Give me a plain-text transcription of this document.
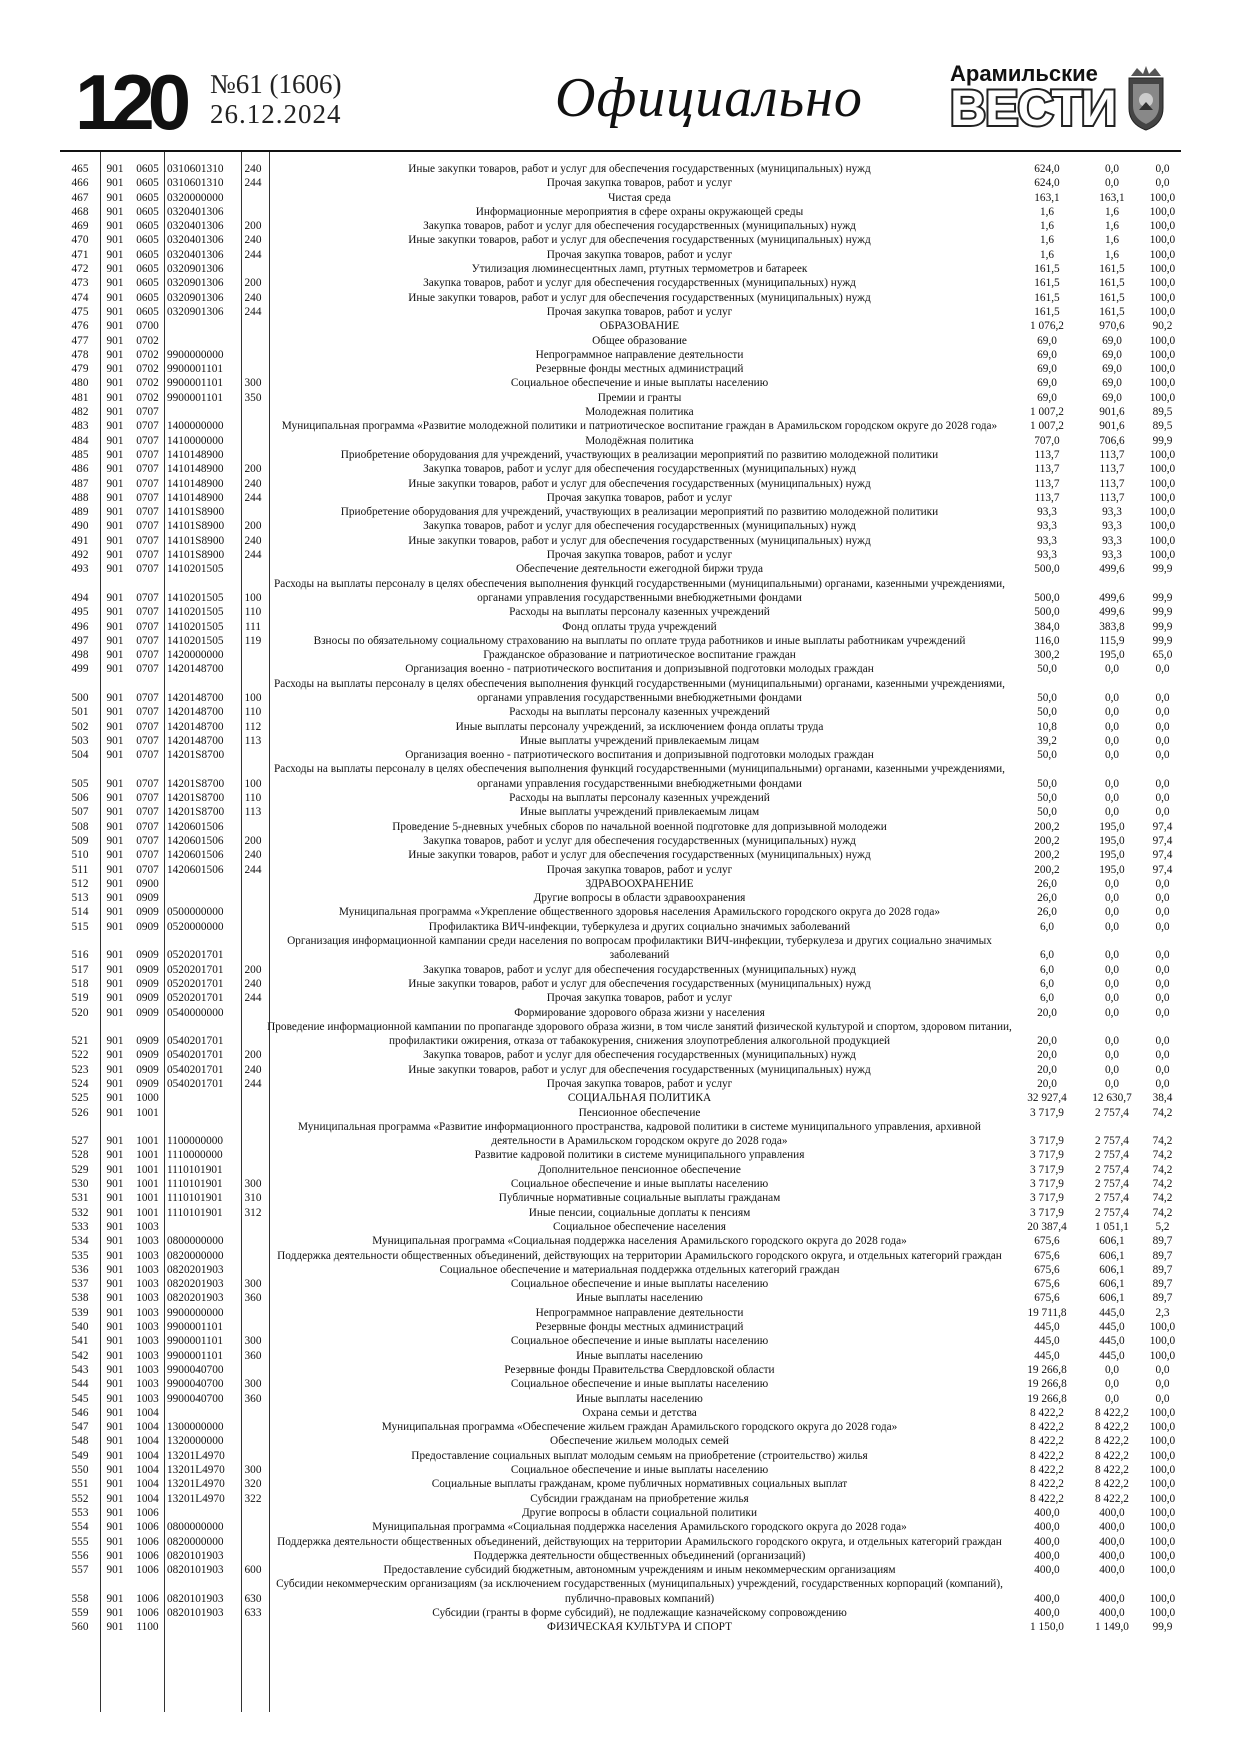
120 №61 (1606)
26.12.2024	Официально	Арамильские
ВЕСТИ
465	901	0605	0310601310	240	Иные закупки товаров, работ и услуг для обеспечения государственных (муниципальных) нужд	624,0	0,0	0,0
466	901	0605	0310601310	244	Прочая закупка товаров, работ и услуг	624,0	0,0	0,0
467	901	0605	0320000000		Чистая среда	163,1	163,1	100,0
468	901	0605	0320401306		Информационные мероприятия в сфере охраны окружающей среды	1,6	1,6	100,0
469	901	0605	0320401306	200	Закупка товаров, работ и услуг для обеспечения государственных (муниципальных) нужд	1,6	1,6	100,0
470	901	0605	0320401306	240	Иные закупки товаров, работ и услуг для обеспечения государственных (муниципальных) нужд	1,6	1,6	100,0
471	901	0605	0320401306	244	Прочая закупка товаров, работ и услуг	1,6	1,6	100,0
472	901	0605	0320901306		Утилизация люминесцентных ламп, ртутных термометров и батареек	161,5	161,5	100,0
473	901	0605	0320901306	200	Закупка товаров, работ и услуг для обеспечения государственных (муниципальных) нужд	161,5	161,5	100,0
474	901	0605	0320901306	240	Иные закупки товаров, работ и услуг для обеспечения государственных (муниципальных) нужд	161,5	161,5	100,0
475	901	0605	0320901306	244	Прочая закупка товаров, работ и услуг	161,5	161,5	100,0
476	901	0700			ОБРАЗОВАНИЕ	1 076,2	970,6	90,2
477	901	0702			Общее образование	69,0	69,0	100,0
478	901	0702	9900000000		Непрограммное направление деятельности	69,0	69,0	100,0
479	901	0702	9900001101		Резервные фонды местных администраций	69,0	69,0	100,0
480	901	0702	9900001101	300	Социальное обеспечение и иные выплаты населению	69,0	69,0	100,0
481	901	0702	9900001101	350	Премии и гранты	69,0	69,0	100,0
482	901	0707			Молодежная политика	1 007,2	901,6	89,5
483	901	0707	1400000000		Муниципальная программа «Развитие молодежной политики и патриотическое воспитание граждан в Арамильском городском округе до 2028 года»	1 007,2	901,6	89,5
484	901	0707	1410000000		Молодёжная политика	707,0	706,6	99,9
485	901	0707	1410148900		Приобретение оборудования для учреждений, участвующих в реализации мероприятий по развитию молодежной политики	113,7	113,7	100,0
486	901	0707	1410148900	200	Закупка товаров, работ и услуг для обеспечения государственных (муниципальных) нужд	113,7	113,7	100,0
487	901	0707	1410148900	240	Иные закупки товаров, работ и услуг для обеспечения государственных (муниципальных) нужд	113,7	113,7	100,0
488	901	0707	1410148900	244	Прочая закупка товаров, работ и услуг	113,7	113,7	100,0
489	901	0707	14101S8900		Приобретение оборудования для учреждений, участвующих в реализации мероприятий по развитию молодежной политики	93,3	93,3	100,0
490	901	0707	14101S8900	200	Закупка товаров, работ и услуг для обеспечения государственных (муниципальных) нужд	93,3	93,3	100,0
491	901	0707	14101S8900	240	Иные закупки товаров, работ и услуг для обеспечения государственных (муниципальных) нужд	93,3	93,3	100,0
492	901	0707	14101S8900	244	Прочая закупка товаров, работ и услуг	93,3	93,3	100,0
493	901	0707	1410201505		Обеспечение деятельности ежегодной биржи труда	500,0	499,6	99,9
494	901	0707	1410201505	100	Расходы на выплаты персоналу в целях обеспечения выполнения функций государственными (муниципальными) органами, казенными учреждениями, органами управления государственными внебюджетными фондами	500,0	499,6	99,9
495	901	0707	1410201505	110	Расходы на выплаты персоналу казенных учреждений	500,0	499,6	99,9
496	901	0707	1410201505	111	Фонд оплаты труда учреждений	384,0	383,8	99,9
497	901	0707	1410201505	119	Взносы по обязательному социальному страхованию на выплаты по оплате труда работников и иные выплаты работникам учреждений	116,0	115,9	99,9
498	901	0707	1420000000		Гражданское образование и патриотическое воспитание граждан	300,2	195,0	65,0
499	901	0707	1420148700		Организация военно - патриотического воспитания и допризывной подготовки молодых граждан	50,0	0,0	0,0
500	901	0707	1420148700	100	Расходы на выплаты персоналу в целях обеспечения выполнения функций государственными (муниципальными) органами, казенными учреждениями, органами управления государственными внебюджетными фондами	50,0	0,0	0,0
501	901	0707	1420148700	110	Расходы на выплаты персоналу казенных учреждений	50,0	0,0	0,0
502	901	0707	1420148700	112	Иные выплаты персоналу учреждений, за исключением фонда оплаты труда	10,8	0,0	0,0
503	901	0707	1420148700	113	Иные выплаты учреждений привлекаемым лицам	39,2	0,0	0,0
504	901	0707	14201S8700		Организация военно - патриотического воспитания и допризывной подготовки молодых граждан	50,0	0,0	0,0
505	901	0707	14201S8700	100	Расходы на выплаты персоналу в целях обеспечения выполнения функций государственными (муниципальными) органами, казенными учреждениями, органами управления государственными внебюджетными фондами	50,0	0,0	0,0
506	901	0707	14201S8700	110	Расходы на выплаты персоналу казенных учреждений	50,0	0,0	0,0
507	901	0707	14201S8700	113	Иные выплаты учреждений привлекаемым лицам	50,0	0,0	0,0
508	901	0707	1420601506		Проведение 5-дневных учебных сборов по начальной военной подготовке для допризывной молодежи	200,2	195,0	97,4
509	901	0707	1420601506	200	Закупка товаров, работ и услуг для обеспечения государственных (муниципальных) нужд	200,2	195,0	97,4
510	901	0707	1420601506	240	Иные закупки товаров, работ и услуг для обеспечения государственных (муниципальных) нужд	200,2	195,0	97,4
511	901	0707	1420601506	244	Прочая закупка товаров, работ и услуг	200,2	195,0	97,4
512	901	0900			ЗДРАВООХРАНЕНИЕ	26,0	0,0	0,0
513	901	0909			Другие вопросы в области здравоохранения	26,0	0,0	0,0
514	901	0909	0500000000		Муниципальная программа «Укрепление общественного здоровья населения Арамильского городского округа до 2028 года»	26,0	0,0	0,0
515	901	0909	0520000000		Профилактика ВИЧ-инфекции, туберкулеза и других социально значимых заболеваний	6,0	0,0	0,0
516	901	0909	0520201701		Организация информационной кампании среди населения по вопросам профилактики ВИЧ-инфекции, туберкулеза и других социально значимых заболеваний	6,0	0,0	0,0
517	901	0909	0520201701	200	Закупка товаров, работ и услуг для обеспечения государственных (муниципальных) нужд	6,0	0,0	0,0
518	901	0909	0520201701	240	Иные закупки товаров, работ и услуг для обеспечения государственных (муниципальных) нужд	6,0	0,0	0,0
519	901	0909	0520201701	244	Прочая закупка товаров, работ и услуг	6,0	0,0	0,0
520	901	0909	0540000000		Формирование здорового образа жизни у населения	20,0	0,0	0,0
521	901	0909	0540201701		Проведение информационной кампании по пропаганде здорового образа жизни, в том числе занятий физической культурой и спортом, здоровом питании, профилактики ожирения, отказа от табакокурения, снижения злоупотребления алкогольной продукцией	20,0	0,0	0,0
522	901	0909	0540201701	200	Закупка товаров, работ и услуг для обеспечения государственных (муниципальных) нужд	20,0	0,0	0,0
523	901	0909	0540201701	240	Иные закупки товаров, работ и услуг для обеспечения государственных (муниципальных) нужд	20,0	0,0	0,0
524	901	0909	0540201701	244	Прочая закупка товаров, работ и услуг	20,0	0,0	0,0
525	901	1000			СОЦИАЛЬНАЯ ПОЛИТИКА	32 927,4	12 630,7	38,4
526	901	1001			Пенсионное обеспечение	3 717,9	2 757,4	74,2
527	901	1001	1100000000		Муниципальная программа «Развитие информационного пространства, кадровой политики в системе муниципального управления, архивной деятельности в Арамильском городском округе до 2028 года»	3 717,9	2 757,4	74,2
528	901	1001	1110000000		Развитие кадровой политики в системе муниципального управления	3 717,9	2 757,4	74,2
529	901	1001	1110101901		Дополнительное пенсионное обеспечение	3 717,9	2 757,4	74,2
530	901	1001	1110101901	300	Социальное обеспечение и иные выплаты населению	3 717,9	2 757,4	74,2
531	901	1001	1110101901	310	Публичные нормативные социальные выплаты гражданам	3 717,9	2 757,4	74,2
532	901	1001	1110101901	312	Иные пенсии, социальные доплаты к пенсиям	3 717,9	2 757,4	74,2
533	901	1003			Социальное обеспечение населения	20 387,4	1 051,1	5,2
534	901	1003	0800000000		Муниципальная программа «Социальная поддержка населения Арамильского городского округа до 2028 года»	675,6	606,1	89,7
535	901	1003	0820000000		Поддержка деятельности общественных объединений, действующих на территории Арамильского городского округа, и отдельных категорий граждан	675,6	606,1	89,7
536	901	1003	0820201903		Социальное обеспечение и материальная поддержка отдельных категорий граждан	675,6	606,1	89,7
537	901	1003	0820201903	300	Социальное обеспечение и иные выплаты населению	675,6	606,1	89,7
538	901	1003	0820201903	360	Иные выплаты населению	675,6	606,1	89,7
539	901	1003	9900000000		Непрограммное направление деятельности	19 711,8	445,0	2,3
540	901	1003	9900001101		Резервные фонды местных администраций	445,0	445,0	100,0
541	901	1003	9900001101	300	Социальное обеспечение и иные выплаты населению	445,0	445,0	100,0
542	901	1003	9900001101	360	Иные выплаты населению	445,0	445,0	100,0
543	901	1003	9900040700		Резервные фонды Правительства Свердловской области	19 266,8	0,0	0,0
544	901	1003	9900040700	300	Социальное обеспечение и иные выплаты населению	19 266,8	0,0	0,0
545	901	1003	9900040700	360	Иные выплаты населению	19 266,8	0,0	0,0
546	901	1004			Охрана семьи и детства	8 422,2	8 422,2	100,0
547	901	1004	1300000000		Муниципальная программа «Обеспечение жильем граждан Арамильского городского округа до 2028 года»	8 422,2	8 422,2	100,0
548	901	1004	1320000000		Обеспечение жильем молодых семей	8 422,2	8 422,2	100,0
549	901	1004	13201L4970		Предоставление социальных выплат молодым семьям на приобретение (строительство) жилья	8 422,2	8 422,2	100,0
550	901	1004	13201L4970	300	Социальное обеспечение и иные выплаты населению	8 422,2	8 422,2	100,0
551	901	1004	13201L4970	320	Социальные выплаты гражданам, кроме публичных нормативных социальных выплат	8 422,2	8 422,2	100,0
552	901	1004	13201L4970	322	Субсидии гражданам на приобретение жилья	8 422,2	8 422,2	100,0
553	901	1006			Другие вопросы в области социальной политики	400,0	400,0	100,0
554	901	1006	0800000000		Муниципальная программа «Социальная поддержка населения Арамильского городского округа до 2028 года»	400,0	400,0	100,0
555	901	1006	0820000000		Поддержка деятельности общественных объединений, действующих на территории Арамильского городского округа, и отдельных категорий граждан	400,0	400,0	100,0
556	901	1006	0820101903		Поддержка деятельности общественных объединений (организаций)	400,0	400,0	100,0
557	901	1006	0820101903	600	Предоставление субсидий бюджетным, автономным учреждениям и иным некоммерческим организациям	400,0	400,0	100,0
558	901	1006	0820101903	630	Субсидии некоммерческим организациям (за исключением государственных (муниципальных) учреждений, государственных корпораций (компаний), публично-правовых компаний)	400,0	400,0	100,0
559	901	1006	0820101903	633	Субсидии (гранты в форме субсидий), не подлежащие казначейскому сопровождению	400,0	400,0	100,0
560	901	1100			ФИЗИЧЕСКАЯ КУЛЬТУРА И СПОРТ	1 150,0	1 149,0	99,9
